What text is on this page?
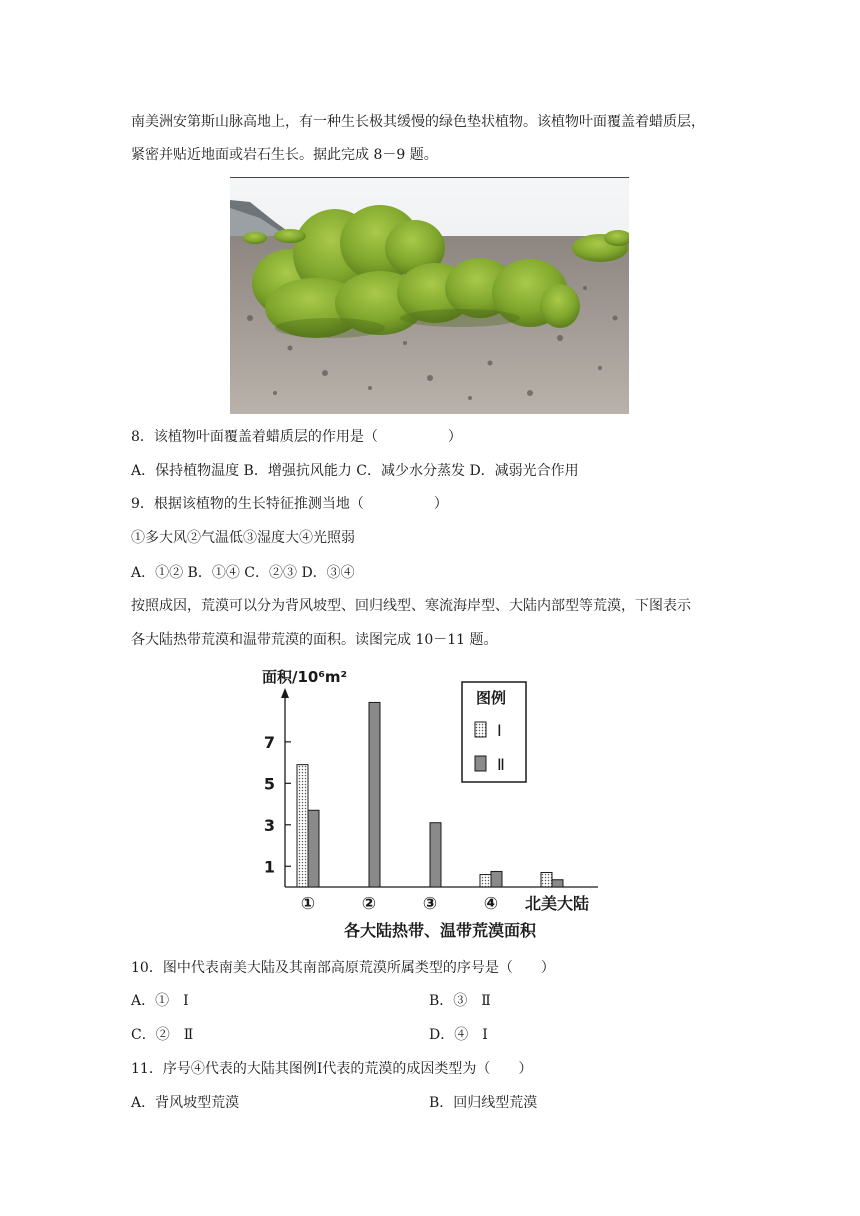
南美洲安第斯山脉高地上，有一种生长极其缓慢的绿色垫状植物。该植物叶面覆盖着蜡质层，
紧密并贴近地面或岩石生长。据此完成 8－9 题。
8．该植物叶面覆盖着蜡质层的作用是（　　　　　）
A．保持植物温度 B．增强抗风能力 C．减少水分蒸发 D．减弱光合作用
9．根据该植物的生长特征推测当地（　　　　　）
①多大风②气温低③湿度大④光照弱
A．①② B．①④ C．②③ D．③④
按照成因，荒漠可以分为背风坡型、回归线型、寒流海岸型、大陆内部型等荒漠，下图表示
各大陆热带荒漠和温带荒漠的面积。读图完成 10－11 题。
面积/10⁶m²
1
3
5
7
①	②	③	④ 北美大陆
图例
Ⅰ
Ⅱ
各大陆热带、温带荒漠面积
10．图中代表南美大陆及其南部高原荒漠所属类型的序号是（　　）
A．①　Ⅰ	B．③　Ⅱ
C．②　Ⅱ	D．④　Ⅰ
11．序号④代表的大陆其图例Ⅰ代表的荒漠的成因类型为（　　）
A．背风坡型荒漠	B．回归线型荒漠
